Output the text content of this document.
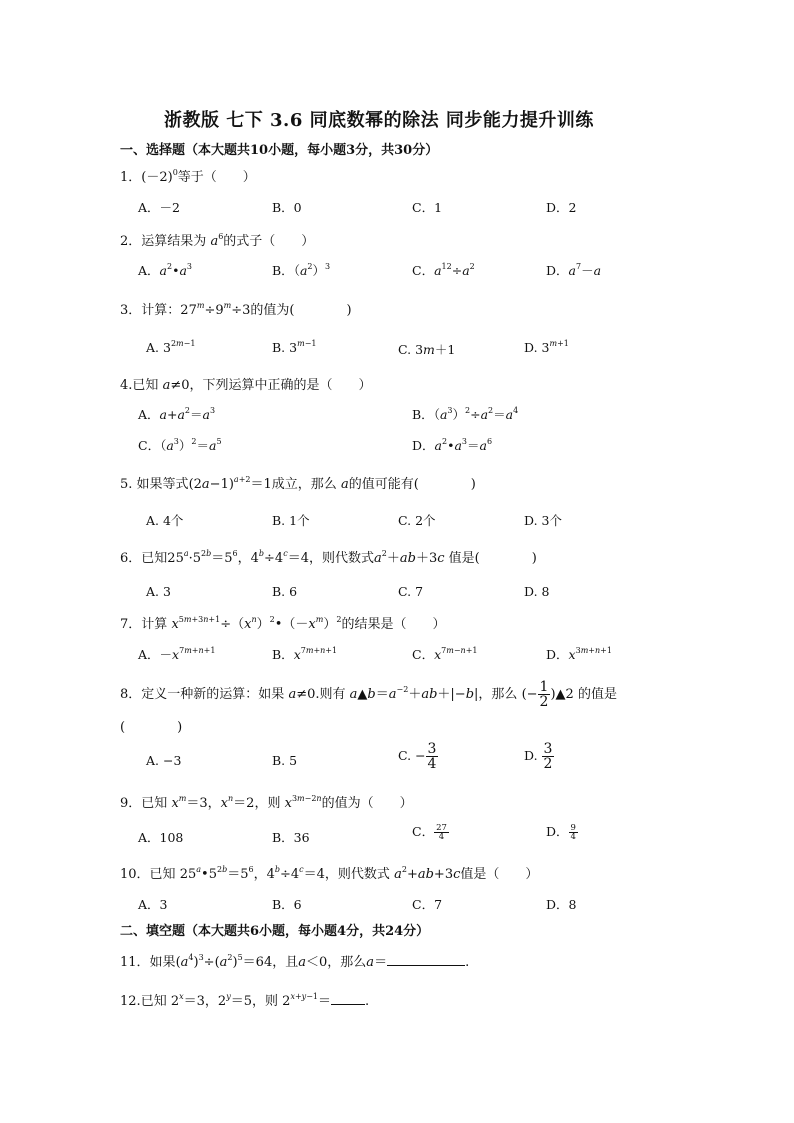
浙教版 七下 3.6 同底数幂的除法 同步能力提升训练
一、选择题（本大题共10小题，每小题3分，共30分）
1．$(-2)^0$等于（　　）
A．－2	B．0	C．1	D．2
2．运算结果为 $a^6$的式子（　　）
A．$a^2•a^3$	B．$(a^2)^3$	C．$a^{12}\div a^2$	D．$a^7-a$
3．计算：$27^m\div 9^m\div 3$的值为(　　　　)
A. $3^{2m-1}$	B. $3^{m-1}$	C. 3m＋1	D. $3^{m+1}$
4.已知 a≠0，下列运算中正确的是（　　）
A．$a+a^2=a^3$	B．$(a^3)^2\div a^2=a^4$
C．$(a^3)^2=a^5$	D．$a^2•a^3=a^6$
5. 如果等式$(2a-1)^{a+2}=1$成立，那么 a的值可能有(　　　　)
A. 4个	B. 1个	C. 2个	D. 3个
6．已知$25^a\cdot 5^{2b}=5^6$，$4^b\div 4^c=4$，则代数式$a^2+ab+3c$ 值是(　　　　)
A. 3	B. 6	C. 7	D. 8
7．计算 $x^{5m+3n+1}\div(x^n)^2•(-x^m)^2$的结果是（　　）
A．$-x^{7m+n+1}$	B．$x^{7m+n+1}$	C．$x^{7m-n+1}$	D．$x^{3m+n+1}$
8．定义一种新的运算：如果 a≠0.则有 $a▲b=a^{-2}+ab+|-b|$，那么 (− $\frac{1}{2}$ )▲2 的值是
(　　　　)
A. −3	B. 5	C. − $\frac{3}{4}$	D. $\frac{3}{2}$
9．已知 $x^m=3$，$x^n=2$，则 $x^{3m-2n}$的值为（　　）
A．108	B．36	C． $\frac{27}{4}$	D． $\frac{9}{4}$
10．已知 $25^a•5^{2b}=5^6$，$4^b\div 4^c=4$，则代数式 $a^2+ab+3c$值是（　　）
A．3	B．6	C．7	D．8
二、填空题（本大题共6小题，每小题4分，共24分）
11．如果$(a^4)^3\div(a^2)^5=64$，且a＜0，那么a＝	.
12.已知 $2^x=3$，$2^y=5$，则 $2^{x+y-1}=$	.
